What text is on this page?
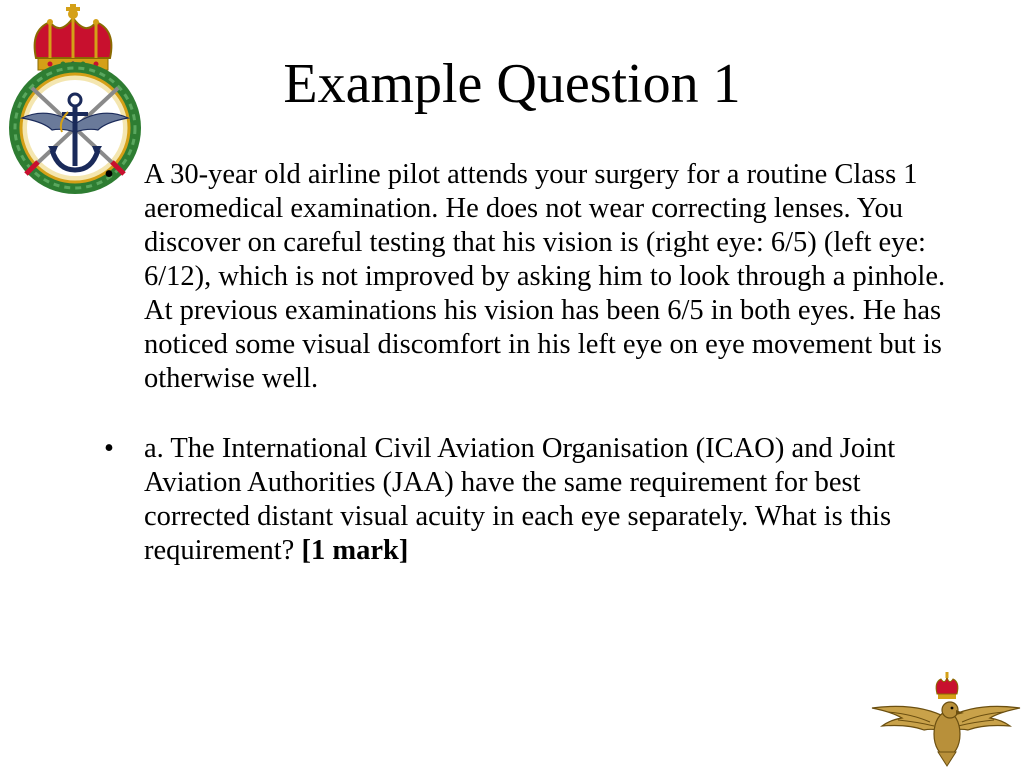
Example Question 1
• A 30-year old airline pilot attends your surgery for a routine Class 1 aeromedical examination. He does not wear correcting lenses. You discover on careful testing that his vision is (right eye: 6/5) (left eye: 6/12), which is not improved by asking him to look through a pinhole. At previous examinations his vision has been 6/5 in both eyes. He has noticed some visual discomfort in his left eye on eye movement but is otherwise well.
• a. The International Civil Aviation Organisation (ICAO) and Joint Aviation Authorities (JAA) have the same requirement for best corrected distant visual acuity in each eye separately. What is this requirement? [1 mark]
